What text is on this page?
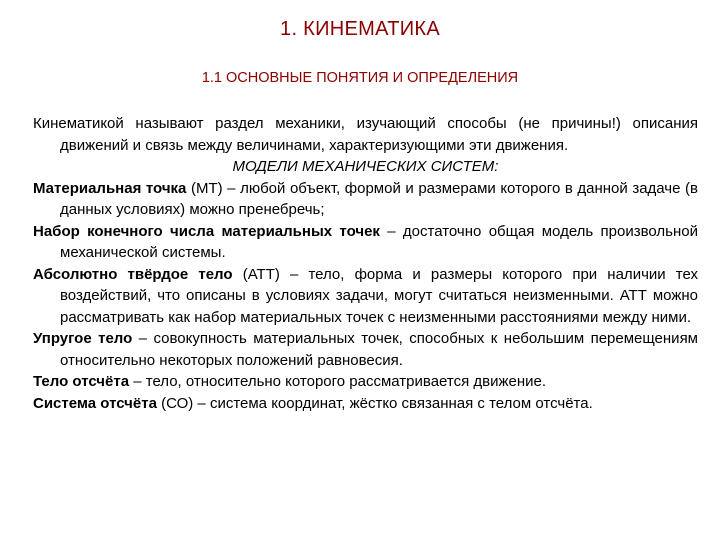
1. КИНЕМАТИКА
1.1 ОСНОВНЫЕ ПОНЯТИЯ И ОПРЕДЕЛЕНИЯ

Кинематикой называют раздел механики, изучающий способы (не причины!) описания движений и связь между величинами, характеризующими эти движения.

МОДЕЛИ МЕХАНИЧЕСКИХ СИСТЕМ:

Материальная точка (МТ) – любой объект, формой и размерами которого в данной задаче (в данных условиях) можно пренебречь;

Набор конечного числа материальных точек – достаточно общая модель произвольной механической системы.

Абсолютно твёрдое тело (АТТ) – тело, форма и размеры которого при наличии тех воздействий, что описаны в условиях задачи, могут считаться неизменными. АТТ можно рассматривать как набор материальных точек с неизменными расстояниями между ними.

Упругое тело – совокупность материальных точек, способных к небольшим перемещениям относительно некоторых положений равновесия.

Тело отсчёта – тело, относительно которого рассматривается движение.

Система отсчёта (СО) – система координат, жёстко связанная с телом отсчёта.
